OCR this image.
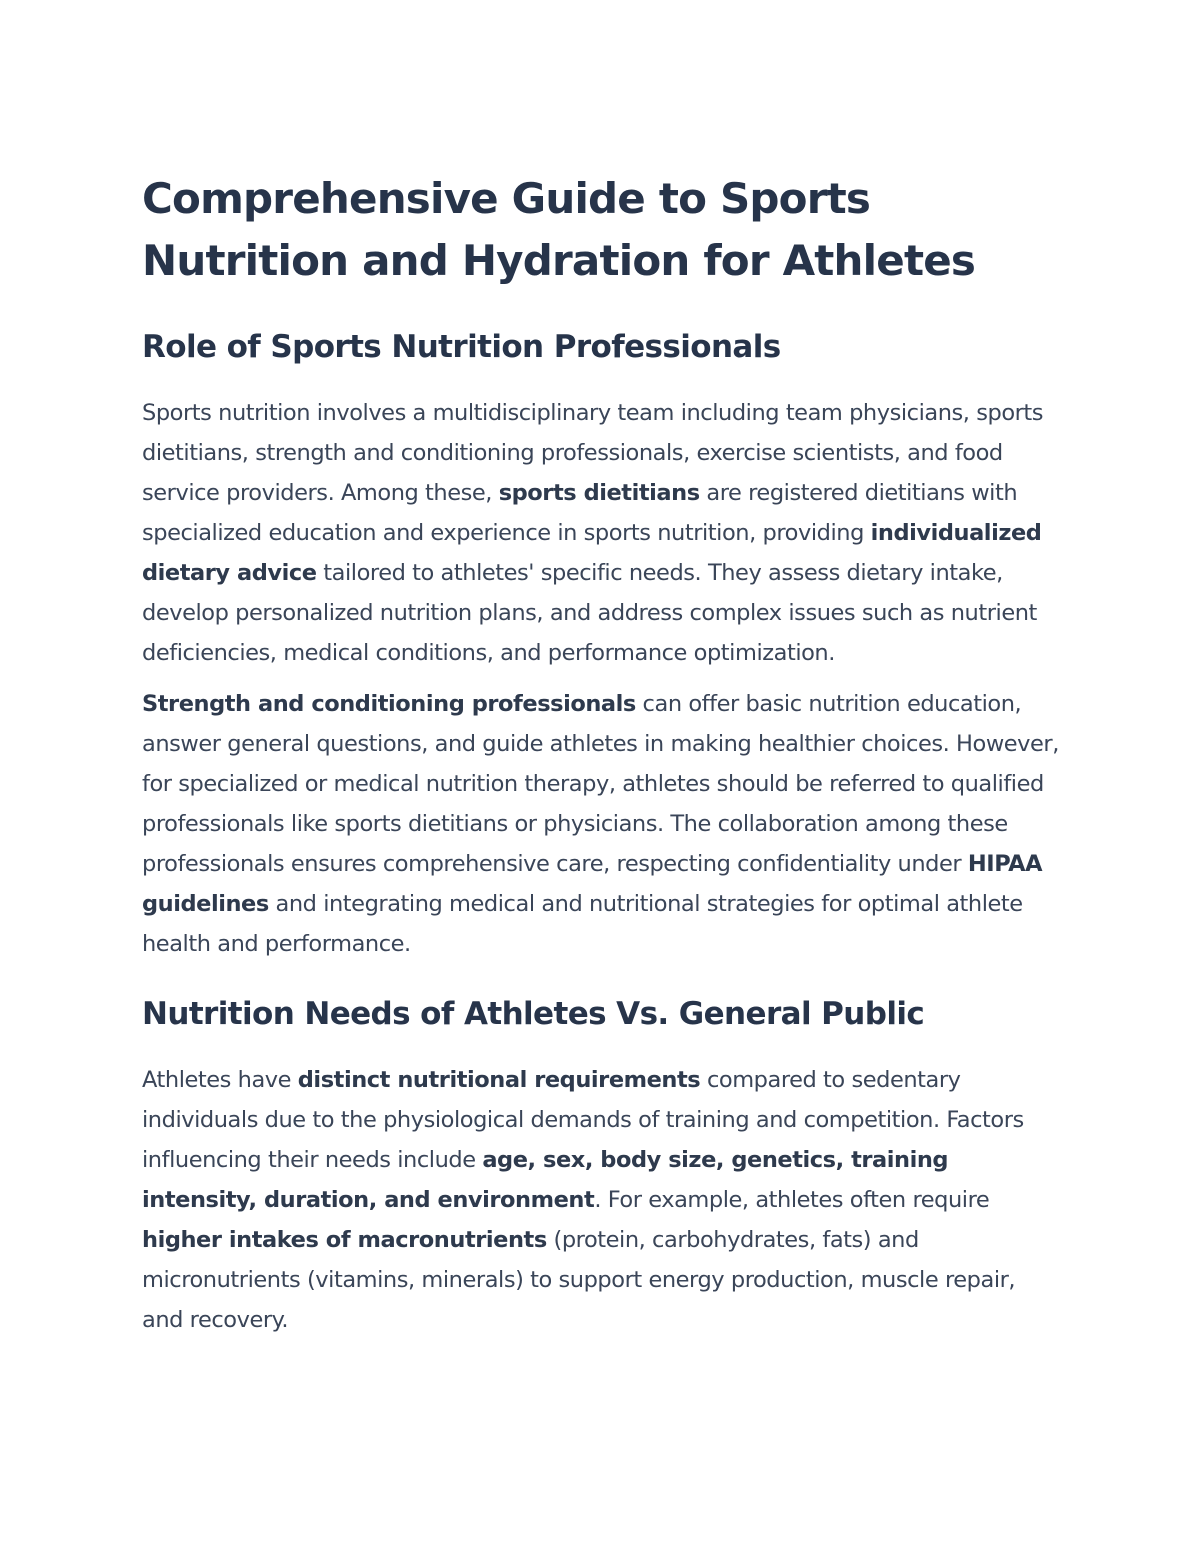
Comprehensive Guide to Sports Nutrition and Hydration for Athletes
Role of Sports Nutrition Professionals

Sports nutrition involves a multidisciplinary team including team physicians, sports dietitians, strength and conditioning professionals, exercise scientists, and food service providers. Among these, sports dietitians are registered dietitians with specialized education and experience in sports nutrition, providing individualized dietary advice tailored to athletes' specific needs. They assess dietary intake, develop personalized nutrition plans, and address complex issues such as nutrient deficiencies, medical conditions, and performance optimization.

Strength and conditioning professionals can offer basic nutrition education, answer general questions, and guide athletes in making healthier choices. However, for specialized or medical nutrition therapy, athletes should be referred to qualified professionals like sports dietitians or physicians. The collaboration among these professionals ensures comprehensive care, respecting confidentiality under HIPAA guidelines and integrating medical and nutritional strategies for optimal athlete health and performance.

Nutrition Needs of Athletes Vs. General Public

Athletes have distinct nutritional requirements compared to sedentary individuals due to the physiological demands of training and competition. Factors influencing their needs include age, sex, body size, genetics, training intensity, duration, and environment. For example, athletes often require higher intakes of macronutrients (protein, carbohydrates, fats) and micronutrients (vitamins, minerals) to support energy production, muscle repair, and recovery.
